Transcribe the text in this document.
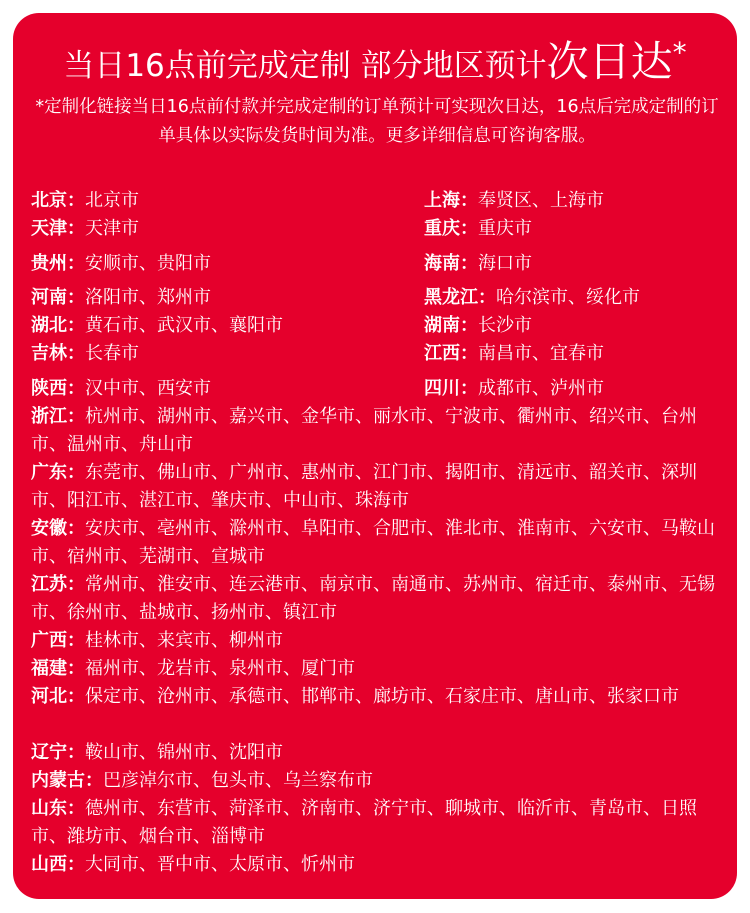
当日16点前完成定制 部分地区预计次日达*
*定制化链接当日16点前付款并完成定制的订单预计可实现次日达，16点后完成定制的订单具体以实际发货时间为准。更多详细信息可咨询客服。
北京：北京市	上海：奉贤区、上海市
天津：天津市	重庆：重庆市
贵州：安顺市、贵阳市	海南：海口市
河南：洛阳市、郑州市	黑龙江：哈尔滨市、绥化市
湖北：黄石市、武汉市、襄阳市	湖南：长沙市
吉林：长春市	江西：南昌市、宜春市
陕西：汉中市、西安市	四川：成都市、泸州市
浙江：杭州市、湖州市、嘉兴市、金华市、丽水市、宁波市、衢州市、绍兴市、台州市、温州市、舟山市
广东：东莞市、佛山市、广州市、惠州市、江门市、揭阳市、清远市、韶关市、深圳市、阳江市、湛江市、肇庆市、中山市、珠海市
安徽：安庆市、亳州市、滁州市、阜阳市、合肥市、淮北市、淮南市、六安市、马鞍山市、宿州市、芜湖市、宣城市
江苏：常州市、淮安市、连云港市、南京市、南通市、苏州市、宿迁市、泰州市、无锡市、徐州市、盐城市、扬州市、镇江市
广西：桂林市、来宾市、柳州市
福建：福州市、龙岩市、泉州市、厦门市
河北：保定市、沧州市、承德市、邯郸市、廊坊市、石家庄市、唐山市、张家口市
辽宁：鞍山市、锦州市、沈阳市
内蒙古：巴彦淖尔市、包头市、乌兰察布市
山东：德州市、东营市、菏泽市、济南市、济宁市、聊城市、临沂市、青岛市、日照市、潍坊市、烟台市、淄博市
山西：大同市、晋中市、太原市、忻州市
